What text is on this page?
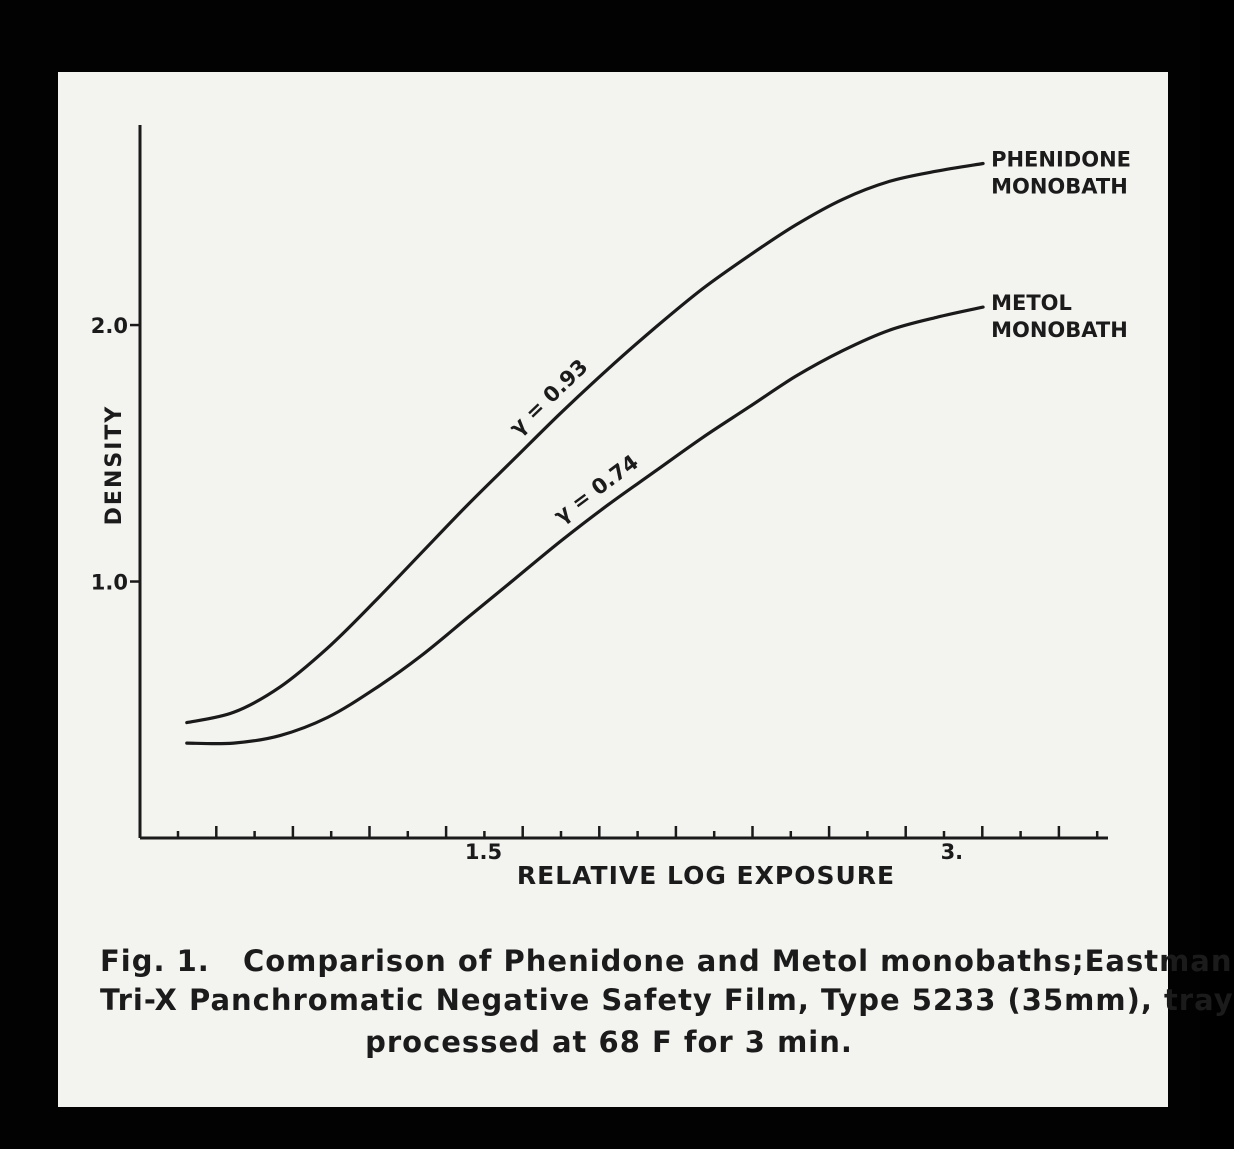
1.5	3.
1.0
2.0
γ = 0.93
PHENIDONE
MONOBATH
γ = 0.74
METOL
MONOBATH
RELATIVE LOG EXPOSURE
DENSITY
Fig. 1. Comparison of Phenidone and Metol monobaths; Eastman
Tri-X Panchromatic Negative Safety Film, Type 5233 (35mm), tray
processed at 68 F for 3 min.
